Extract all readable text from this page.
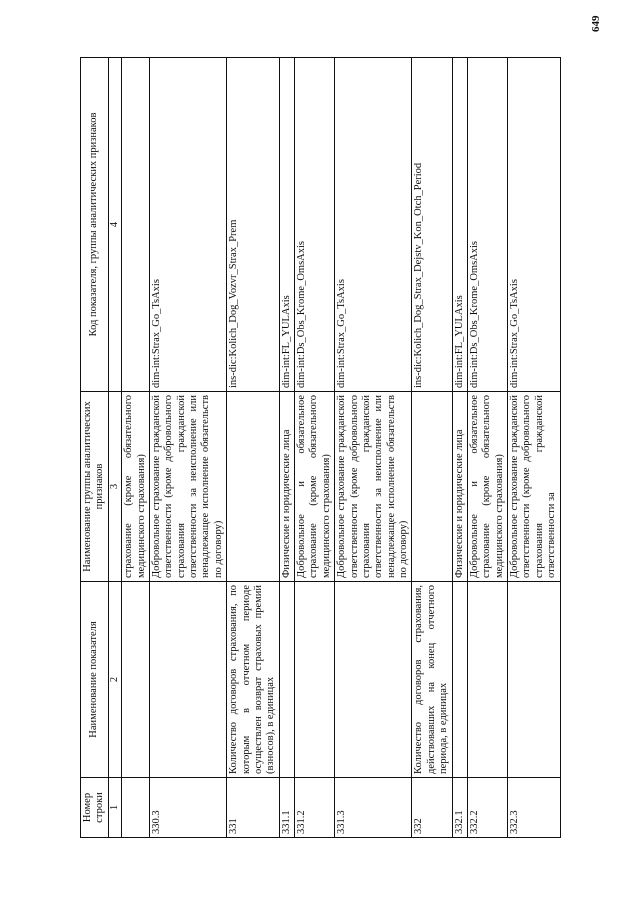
649
Номер строки	Наименование показателя	Наименование группы аналитических признаков	Код показателя, группы аналитических признаков
1	2	3	4
		страхование (кроме обязательного медицинского страхования)	
330.3		Добровольное страхование гражданской ответственности (кроме добровольного страхования гражданской ответственности за неисполнение или ненадлежащее исполнение обязательств по договору)	dim-int:Strax_Go_TsAxis
331	Количество договоров страхования, по которым в отчетном периоде осуществлен возврат страховых премий (взносов), в единицах		ins-dic:Kolich_Dog_Vozvr_Strax_Prem
331.1		Физические и юридические лица	dim-int:FL_YULAxis
331.2		Добровольное и обязательное страхование (кроме обязательного медицинского страхования)	dim-int:Ds_Obs_Krome_OmsAxis
331.3		Добровольное страхование гражданской ответственности (кроме добровольного страхования гражданской ответственности за неисполнение или ненадлежащее исполнение обязательств по договору)	dim-int:Strax_Go_TsAxis
332	Количество договоров страхования, действовавших на конец отчетного периода, в единицах		ins-dic:Kolich_Dog_Strax_Dejstv_Kon_Otch_Period
332.1		Физические и юридические лица	dim-int:FL_YULAxis
332.2		Добровольное и обязательное страхование (кроме обязательного медицинского страхования)	dim-int:Ds_Obs_Krome_OmsAxis
332.3		Добровольное страхование гражданской ответственности (кроме добровольного страхования гражданской ответственности за	dim-int:Strax_Go_TsAxis
